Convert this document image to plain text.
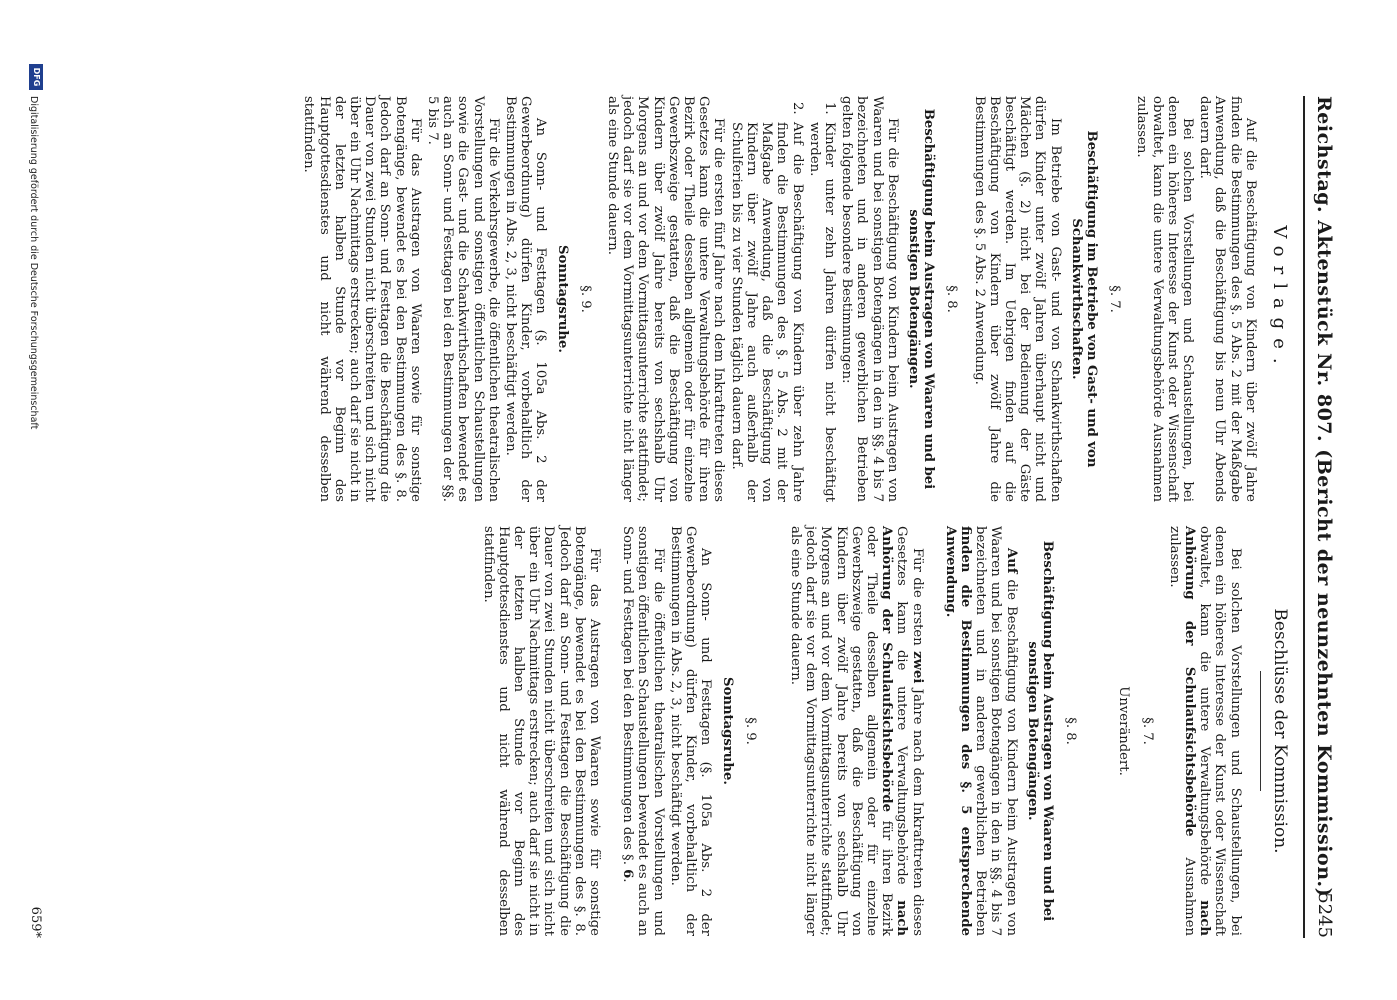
Reichstag. Aktenstück Nr. 807. (Bericht der neunzehnten Kommission.)
5245
Vorlage.

Auf die Beschäftigung von Kindern über zwölf Jahre finden die Bestimmungen des §. 5 Abs. 2 mit der Maßgabe Anwendung, daß die Beschäftigung bis neun Uhr Abends dauern darf.

Bei solchen Vorstellungen und Schaustellungen, bei denen ein höheres Interesse der Kunst oder Wissenschaft obwaltet, kann die untere Verwaltungsbehörde Ausnahmen zulassen.

§. 7.
Beschäftigung im Betriebe von Gast- und von Schankwirthschaften.

Im Betriebe von Gast- und von Schankwirthschaften dürfen Kinder unter zwölf Jahren überhaupt nicht und Mädchen (§. 2) nicht bei der Bedienung der Gäste beschäftigt werden. Im Uebrigen finden auf die Beschäftigung von Kindern über zwölf Jahre die Bestimmungen des §. 5 Abs. 2 Anwendung.

§. 8.
Beschäftigung beim Austragen von Waaren und bei sonstigen Botengängen.

Für die Beschäftigung von Kindern beim Austragen von Waaren und bei sonstigen Botengängen in den in §§. 4 bis 7 bezeichneten und in anderen gewerblichen Betrieben gelten folgende besondere Bestimmungen:

1.
Kinder unter zehn Jahren dürfen nicht beschäftigt werden.

2.
Auf die Beschäftigung von Kindern über zehn Jahre finden die Bestimmungen des §. 5 Abs. 2 mit der Maßgabe Anwendung, daß die Beschäftigung von Kindern über zwölf Jahre auch außerhalb der Schulferien bis zu vier Stunden täglich dauern darf.

Für die ersten fünf Jahre nach dem Inkrafttreten dieses Gesetzes kann die untere Verwaltungsbehörde für ihren Bezirk oder Theile desselben allgemein oder für einzelne Gewerbszweige gestatten, daß die Beschäftigung von Kindern über zwölf Jahre bereits von sechshalb Uhr Morgens an und vor dem Vormittagsunterrichte stattfindet; jedoch darf sie vor dem Vormittagsunterrichte nicht länger als eine Stunde dauern.

§. 9.
Sonntagsruhe.

An Sonn- und Festtagen (§. 105a Abs. 2 der Gewerbeordnung) dürfen Kinder, vorbehaltlich der Bestimmungen in Abs. 2, 3, nicht beschäftigt werden.

Für die Verkehrsgewerbe, die öffentlichen theatralischen Vorstellungen und sonstigen öffentlichen Schaustellungen sowie die Gast- und die Schankwirthschaften bewendet es auch an Sonn- und Festtagen bei den Bestimmungen der §§. 5 bis 7.

Für das Austragen von Waaren sowie für sonstige Botengänge, bewendet es bei den Bestimmungen des §. 8. Jedoch darf an Sonn- und Festtagen die Beschäftigung die Dauer von zwei Stunden nicht überschreiten und sich nicht über ein Uhr Nachmittags erstrecken; auch darf sie nicht in der letzten halben Stunde vor Beginn des Hauptgottesdienstes und nicht während desselben stattfinden.

Beschlüsse der Kommission.

Bei solchen Vorstellungen und Schaustellungen, bei denen ein höheres Interesse der Kunst oder Wissenschaft obwaltet, kann die untere Verwaltungsbehörde nach Anhörung der Schulaufsichtsbehörde Ausnahmen zulassen.

§. 7.
Unverändert.
§. 8.
Beschäftigung beim Austragen von Waaren und bei sonstigen Botengängen.

Auf die Beschäftigung von Kindern beim Austragen von Waaren und bei sonstigen Botengängen in den in §§. 4 bis 7 bezeichneten und in anderen gewerblichen Betrieben finden die Bestimmungen des §. 5 entsprechende Anwendung.

Für die ersten zwei Jahre nach dem Inkrafttreten dieses Gesetzes kann die untere Verwaltungsbehörde nach Anhörung der Schulaufsichtsbehörde für ihren Bezirk oder Theile desselben allgemein oder für einzelne Gewerbszweige gestatten, daß die Beschäftigung von Kindern über zwölf Jahre bereits von sechshalb Uhr Morgens an und vor dem Vormittagsunterrichte stattfindet; jedoch darf sie vor dem Vormittagsunterrichte nicht länger als eine Stunde dauern.

§. 9.
Sonntagsruhe.

An Sonn- und Festtagen (§. 105a Abs. 2 der Gewerbeordnung) dürfen Kinder, vorbehaltlich der Bestimmungen in Abs. 2, 3, nicht beschäftigt werden.

Für die öffentlichen theatralischen Vorstellungen und sonstigen öffentlichen Schaustellungen bewendet es auch an Sonn- und Festtagen bei den Bestimmungen des §. 6.

Für das Austragen von Waaren sowie für sonstige Botengänge, bewendet es bei den Bestimmungen des §. 8. Jedoch darf an Sonn- und Festtagen die Beschäftigung die Dauer von zwei Stunden nicht überschreiten und sich nicht über ein Uhr Nachmittags erstrecken; auch darf sie nicht in der letzten halben Stunde vor Beginn des Hauptgottesdienstes und nicht während desselben stattfinden.

DFG
Digitalisierung gefördert durch die Deutsche Forschungsgemeinschaft
659*
